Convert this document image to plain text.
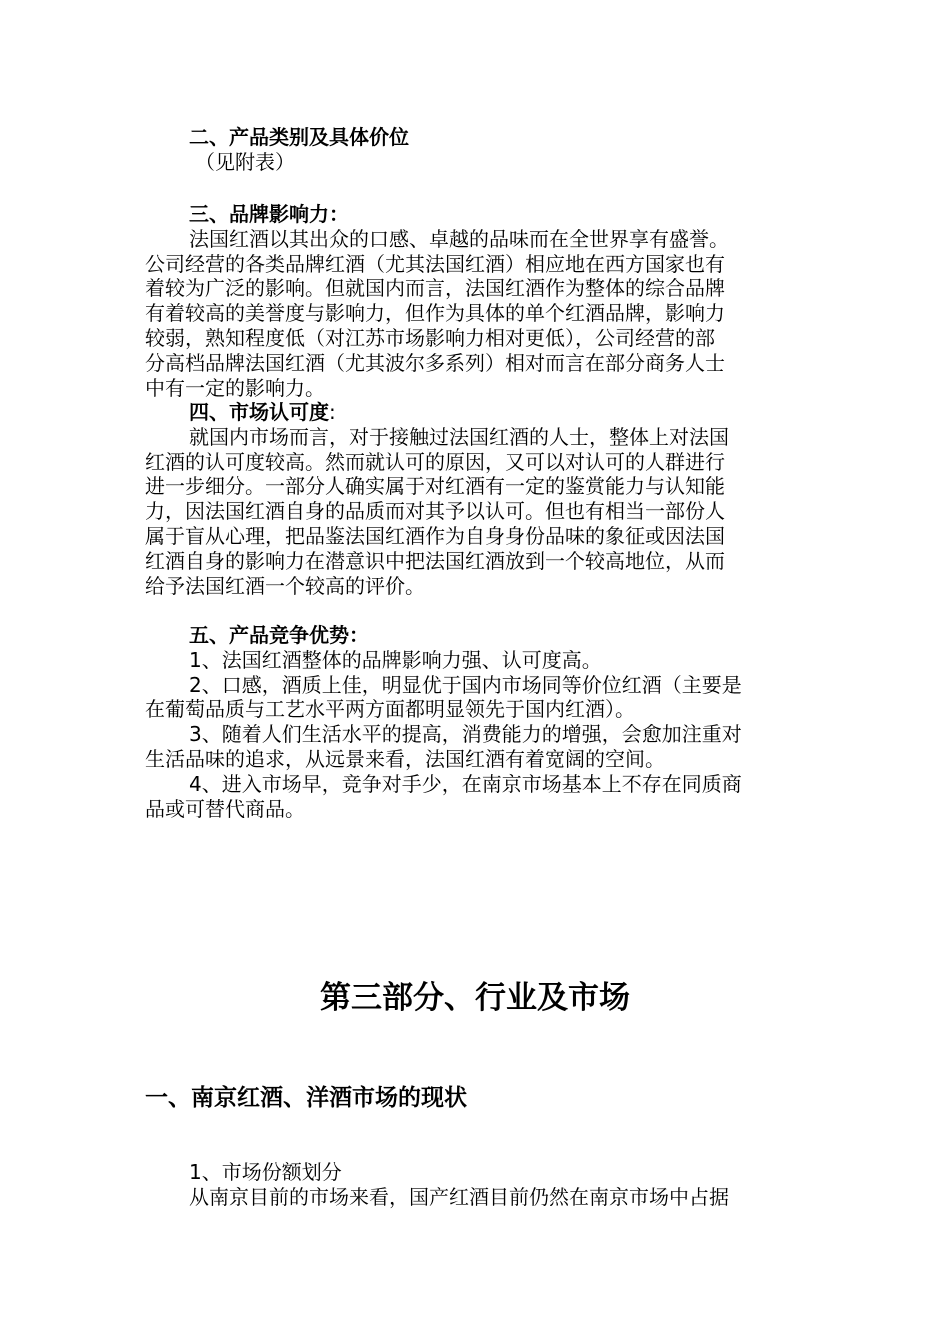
二、产品类别及具体价位
（见附表）
三、品牌影响力：
法国红酒以其出众的口感、卓越的品味而在全世界享有盛誉。
公司经营的各类品牌红酒（尤其法国红酒）相应地在西方国家也有
着较为广泛的影响。但就国内而言，法国红酒作为整体的综合品牌
有着较高的美誉度与影响力，但作为具体的单个红酒品牌，影响力
较弱，熟知程度低（对江苏市场影响力相对更低），公司经营的部
分高档品牌法国红酒（尤其波尔多系列）相对而言在部分商务人士
中有一定的影响力。
四、市场认可度:
就国内市场而言，对于接触过法国红酒的人士，整体上对法国
红酒的认可度较高。然而就认可的原因，又可以对认可的人群进行
进一步细分。一部分人确实属于对红酒有一定的鉴赏能力与认知能
力，因法国红酒自身的品质而对其予以认可。但也有相当一部份人
属于盲从心理，把品鉴法国红酒作为自身身份品味的象征或因法国
红酒自身的影响力在潜意识中把法国红酒放到一个较高地位，从而
给予法国红酒一个较高的评价。
五、产品竞争优势：
1、法国红酒整体的品牌影响力强、认可度高。
2、口感，酒质上佳，明显优于国内市场同等价位红酒（主要是
在葡萄品质与工艺水平两方面都明显领先于国内红酒）。
3、随着人们生活水平的提高，消费能力的增强，会愈加注重对
生活品味的追求，从远景来看，法国红酒有着宽阔的空间。
4、进入市场早，竞争对手少，在南京市场基本上不存在同质商
品或可替代商品。
第三部分、行业及市场
一、南京红酒、洋酒市场的现状
1、市场份额划分
从南京目前的市场来看，国产红酒目前仍然在南京市场中占据
